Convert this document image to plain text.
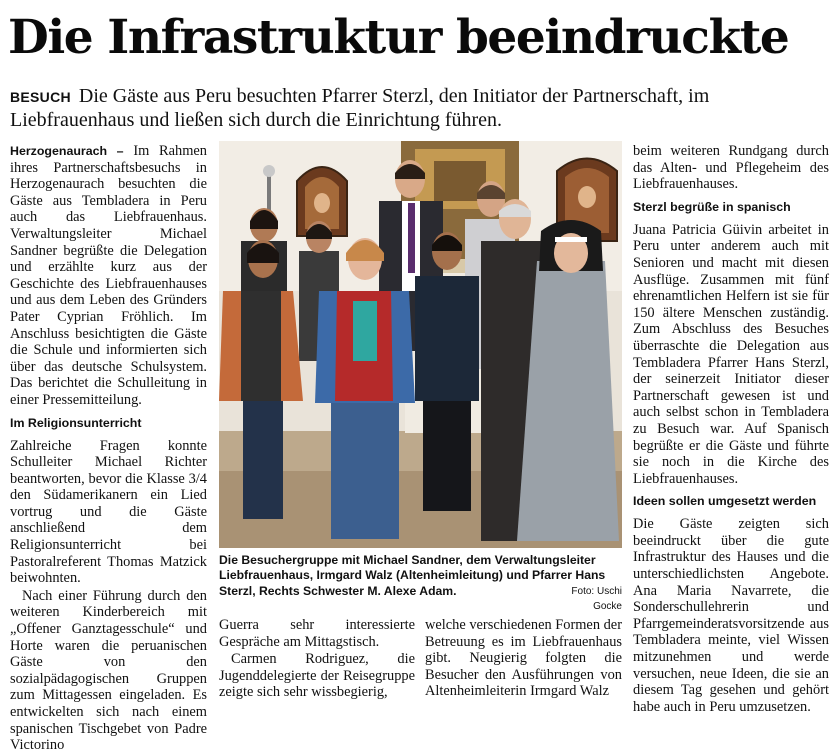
Die Infrastruktur beeindruckte

BESUCH Die Gäste aus Peru besuchten Pfarrer Sterzl, den Initiator der Partnerschaft, im Liebfrauenhaus und ließen sich durch die Einrichtung führen.

Herzogenaurach – Im Rahmen ihres Partnerschaftsbesuchs in Herzogenaurach besuchten die Gäste aus Tembladera in Peru auch das Liebfrauenhaus. Verwaltungsleiter Michael Sandner begrüßte die Delegation und erzählte kurz aus der Geschichte des Liebfrauenhauses und aus dem Leben des Gründers Pater Cyprian Fröhlich. Im Anschluss besichtigten die Gäste die Schule und informierten sich über das deutsche Schulsystem. Das berichtet die Schulleitung in einer Pressemitteilung.

Im Religionsunterricht

Zahlreiche Fragen konnte Schulleiter Michael Richter beantworten, bevor die Klasse 3/4 den Südamerikanern ein Lied vortrug und die Gäste anschließend dem Religionsunterricht bei Pastoralreferent Thomas Matzick beiwohnten.

Nach einer Führung durch den weiteren Kinderbereich mit „Offener Ganztagesschule“ und Horte waren die peruanischen Gäste von den sozialpädagogischen Gruppen zum Mittagessen eingeladen. Es entwickelten sich nach einem spanischen Tischgebet von Padre Victorino

Die Besuchergruppe mit Michael Sandner, dem Verwaltungsleiter Liebfrauenhaus, Irmgard Walz (Altenheimleitung) und Pfarrer Hans Sterzl, Rechts Schwester M. Alexe Adam.	Foto: Uschi Gocke

Guerra sehr interessierte Gespräche am Mittagstisch.

Carmen Rodriguez, die Jugenddelegierte der Reisegruppe zeigte sich sehr wissbegierig,

welche verschiedenen Formen der Betreuung es im Liebfrauenhaus gibt. Neugierig folgten die Besucher den Ausführungen von Altenheimleiterin Irmgard Walz

beim weiteren Rundgang durch das Alten- und Pflegeheim des Liebfrauenhauses.

Sterzl begrüße in spanisch

Juana Patricia Güivin arbeitet in Peru unter anderem auch mit Senioren und macht mit diesen Ausflüge. Zusammen mit fünf ehrenamtlichen Helfern ist sie für 150 ältere Menschen zuständig. Zum Abschluss des Besuches überraschte die Delegation aus Tembladera Pfarrer Hans Sterzl, der seinerzeit Initiator dieser Partnerschaft gewesen ist und auch selbst schon in Tembladera zu Besuch war. Auf Spanisch begrüßte er die Gäste und führte sie noch in die Kirche des Liebfrauenhauses.

Ideen sollen umgesetzt werden

Die Gäste zeigten sich beeindruckt über die gute Infrastruktur des Hauses und die unterschiedlichsten Angebote. Ana Maria Navarrete, die Sonderschullehrerin und Pfarrgemeinderatsvorsitzende aus Tembladera meinte, viel Wissen mitzunehmen und werde versuchen, neue Ideen, die sie an diesem Tag gesehen und gehört habe auch in Peru umzusetzen.
